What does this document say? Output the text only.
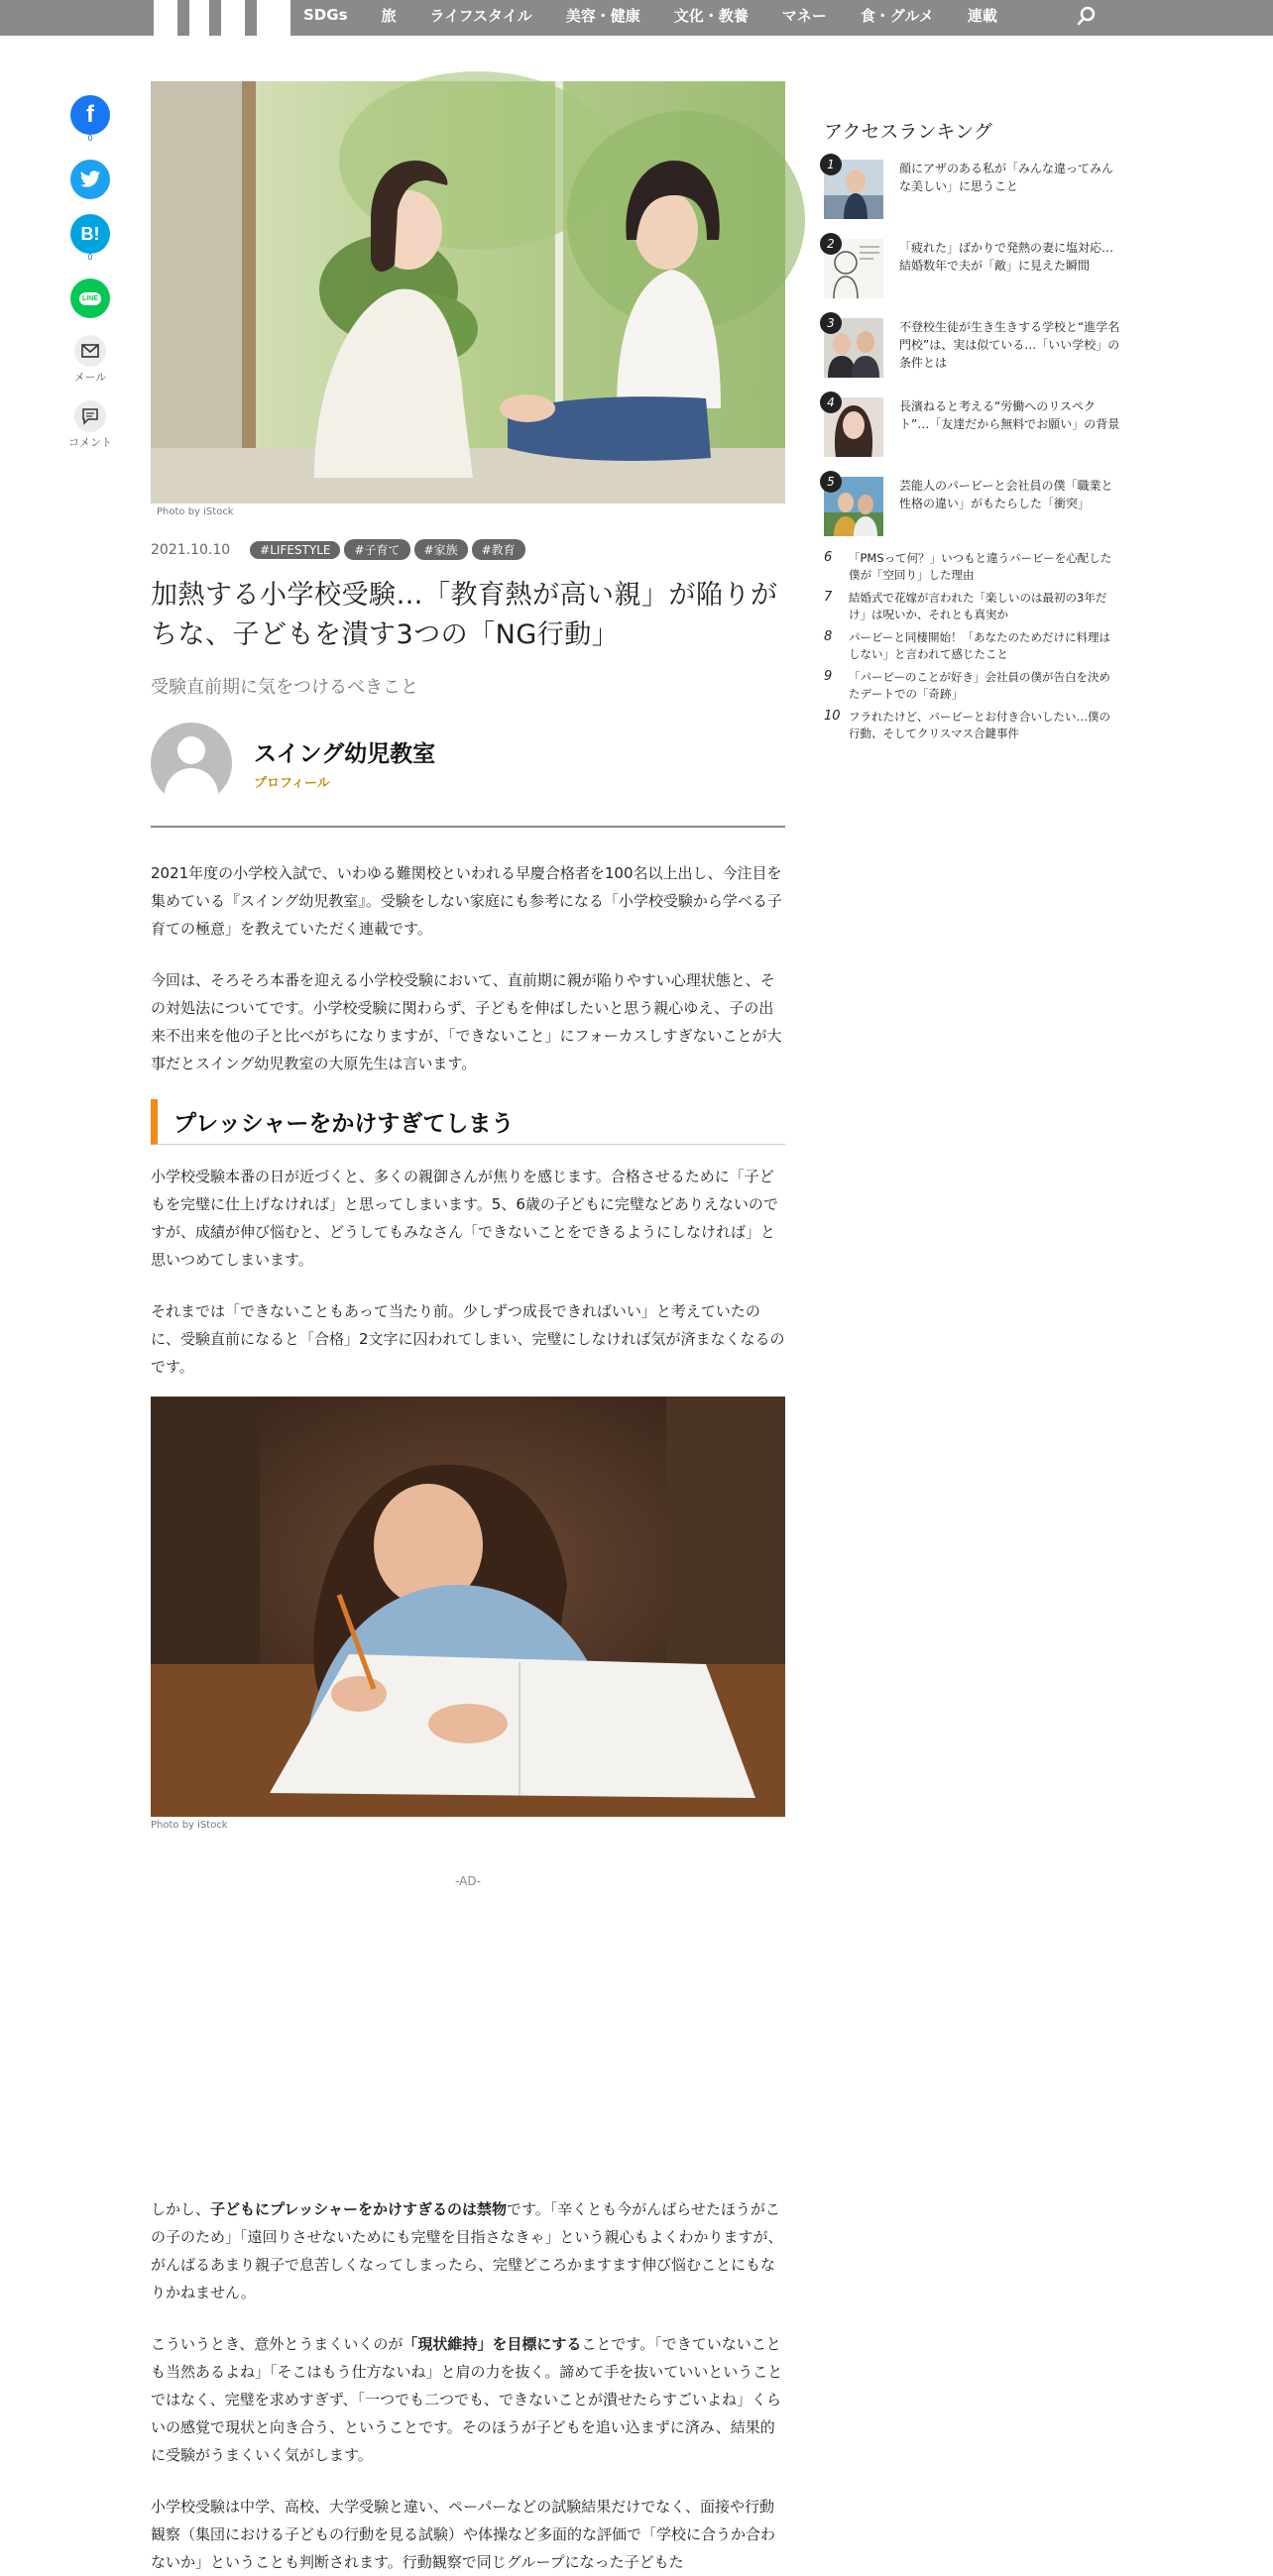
SDGs 旅 ライフスタイル 美容・健康 文化・教養 マネー 食・グルメ 連載
f
0
B!
0
LINE
メール
コメント
Photo by iStock
2021.10.10	#LIFESTYLE	#子育て	#家族	#教育
加熱する小学校受験…「教育熱が高い親」が陥りがちな、子どもを潰す3つの「NG行動」
受験直前期に気をつけるべきこと
スイング幼児教室
プロフィール

2021年度の小学校入試で、いわゆる難関校といわれる早慶合格者を100名以上出し、今注目を集めている『スイング幼児教室』。受験をしない家庭にも参考になる「小学校受験から学べる子育ての極意」を教えていただく連載です。

今回は、そろそろ本番を迎える小学校受験において、直前期に親が陥りやすい心理状態と、その対処法についてです。小学校受験に関わらず、子どもを伸ばしたいと思う親心ゆえ、子の出来不出来を他の子と比べがちになりますが、「できないこと」にフォーカスしすぎないことが大事だとスイング幼児教室の大原先生は言います。

プレッシャーをかけすぎてしまう

小学校受験本番の日が近づくと、多くの親御さんが焦りを感じます。合格させるために「子どもを完璧に仕上げなければ」と思ってしまいます。5、6歳の子どもに完璧などありえないのですが、成績が伸び悩むと、どうしてもみなさん「できないことをできるようにしなければ」と思いつめてしまいます。

それまでは「できないこともあって当たり前。少しずつ成長できればいい」と考えていたのに、受験直前になると「合格」2文字に囚われてしまい、完璧にしなければ気が済まなくなるのです。

Photo by iStock
-AD-

しかし、子どもにプレッシャーをかけすぎるのは禁物です。「辛くとも今がんばらせたほうがこの子のため」「遠回りさせないためにも完璧を目指さなきゃ」という親心もよくわかりますが、がんばるあまり親子で息苦しくなってしまったら、完璧どころかますます伸び悩むことにもなりかねません。

こういうとき、意外とうまくいくのが「現状維持」を目標にすることです。「できていないことも当然あるよね」「そこはもう仕方ないね」と肩の力を抜く。諦めて手を抜いていいということではなく、完璧を求めすぎず、「一つでも二つでも、できないことが潰せたらすごいよね」くらいの感覚で現状と向き合う、ということです。そのほうが子どもを追い込まずに済み、結果的に受験がうまくいく気がします。

小学校受験は中学、高校、大学受験と違い、ペーパーなどの試験結果だけでなく、面接や行動観察（集団における子どもの行動を見る試験）や体操など多面的な評価で「学校に合うか合わないか」ということも判断されます。行動観察で同じグループになった子どもた

アクセスランキング
1	顔にアザのある私が「みんな違ってみんな美しい」に思うこと
2	「疲れた」ばかりで発熱の妻に塩対応…結婚数年で夫が「敵」に見えた瞬間
3	不登校生徒が生き生きする学校と“進学名門校”は、実は似ている…「いい学校」の条件とは
4	長濱ねると考える“労働へのリスペクト”…「友達だから無料でお願い」の背景
5	芸能人のパービーと会社員の僕「職業と性格の違い」がもたらした「衝突」
6	「PMSって何？」いつもと違うパービーを心配した僕が「空回り」した理由
7	結婚式で花嫁が言われた「楽しいのは最初の3年だけ」は呪いか、それとも真実か
8	パービーと同棲開始！「あなたのためだけに料理はしない」と言われて感じたこと
9	「パービーのことが好き」会社員の僕が告白を決めたデートでの「奇跡」
10 フラれたけど、パービーとお付き合いしたい…僕の行動、そしてクリスマス合鍵事件
